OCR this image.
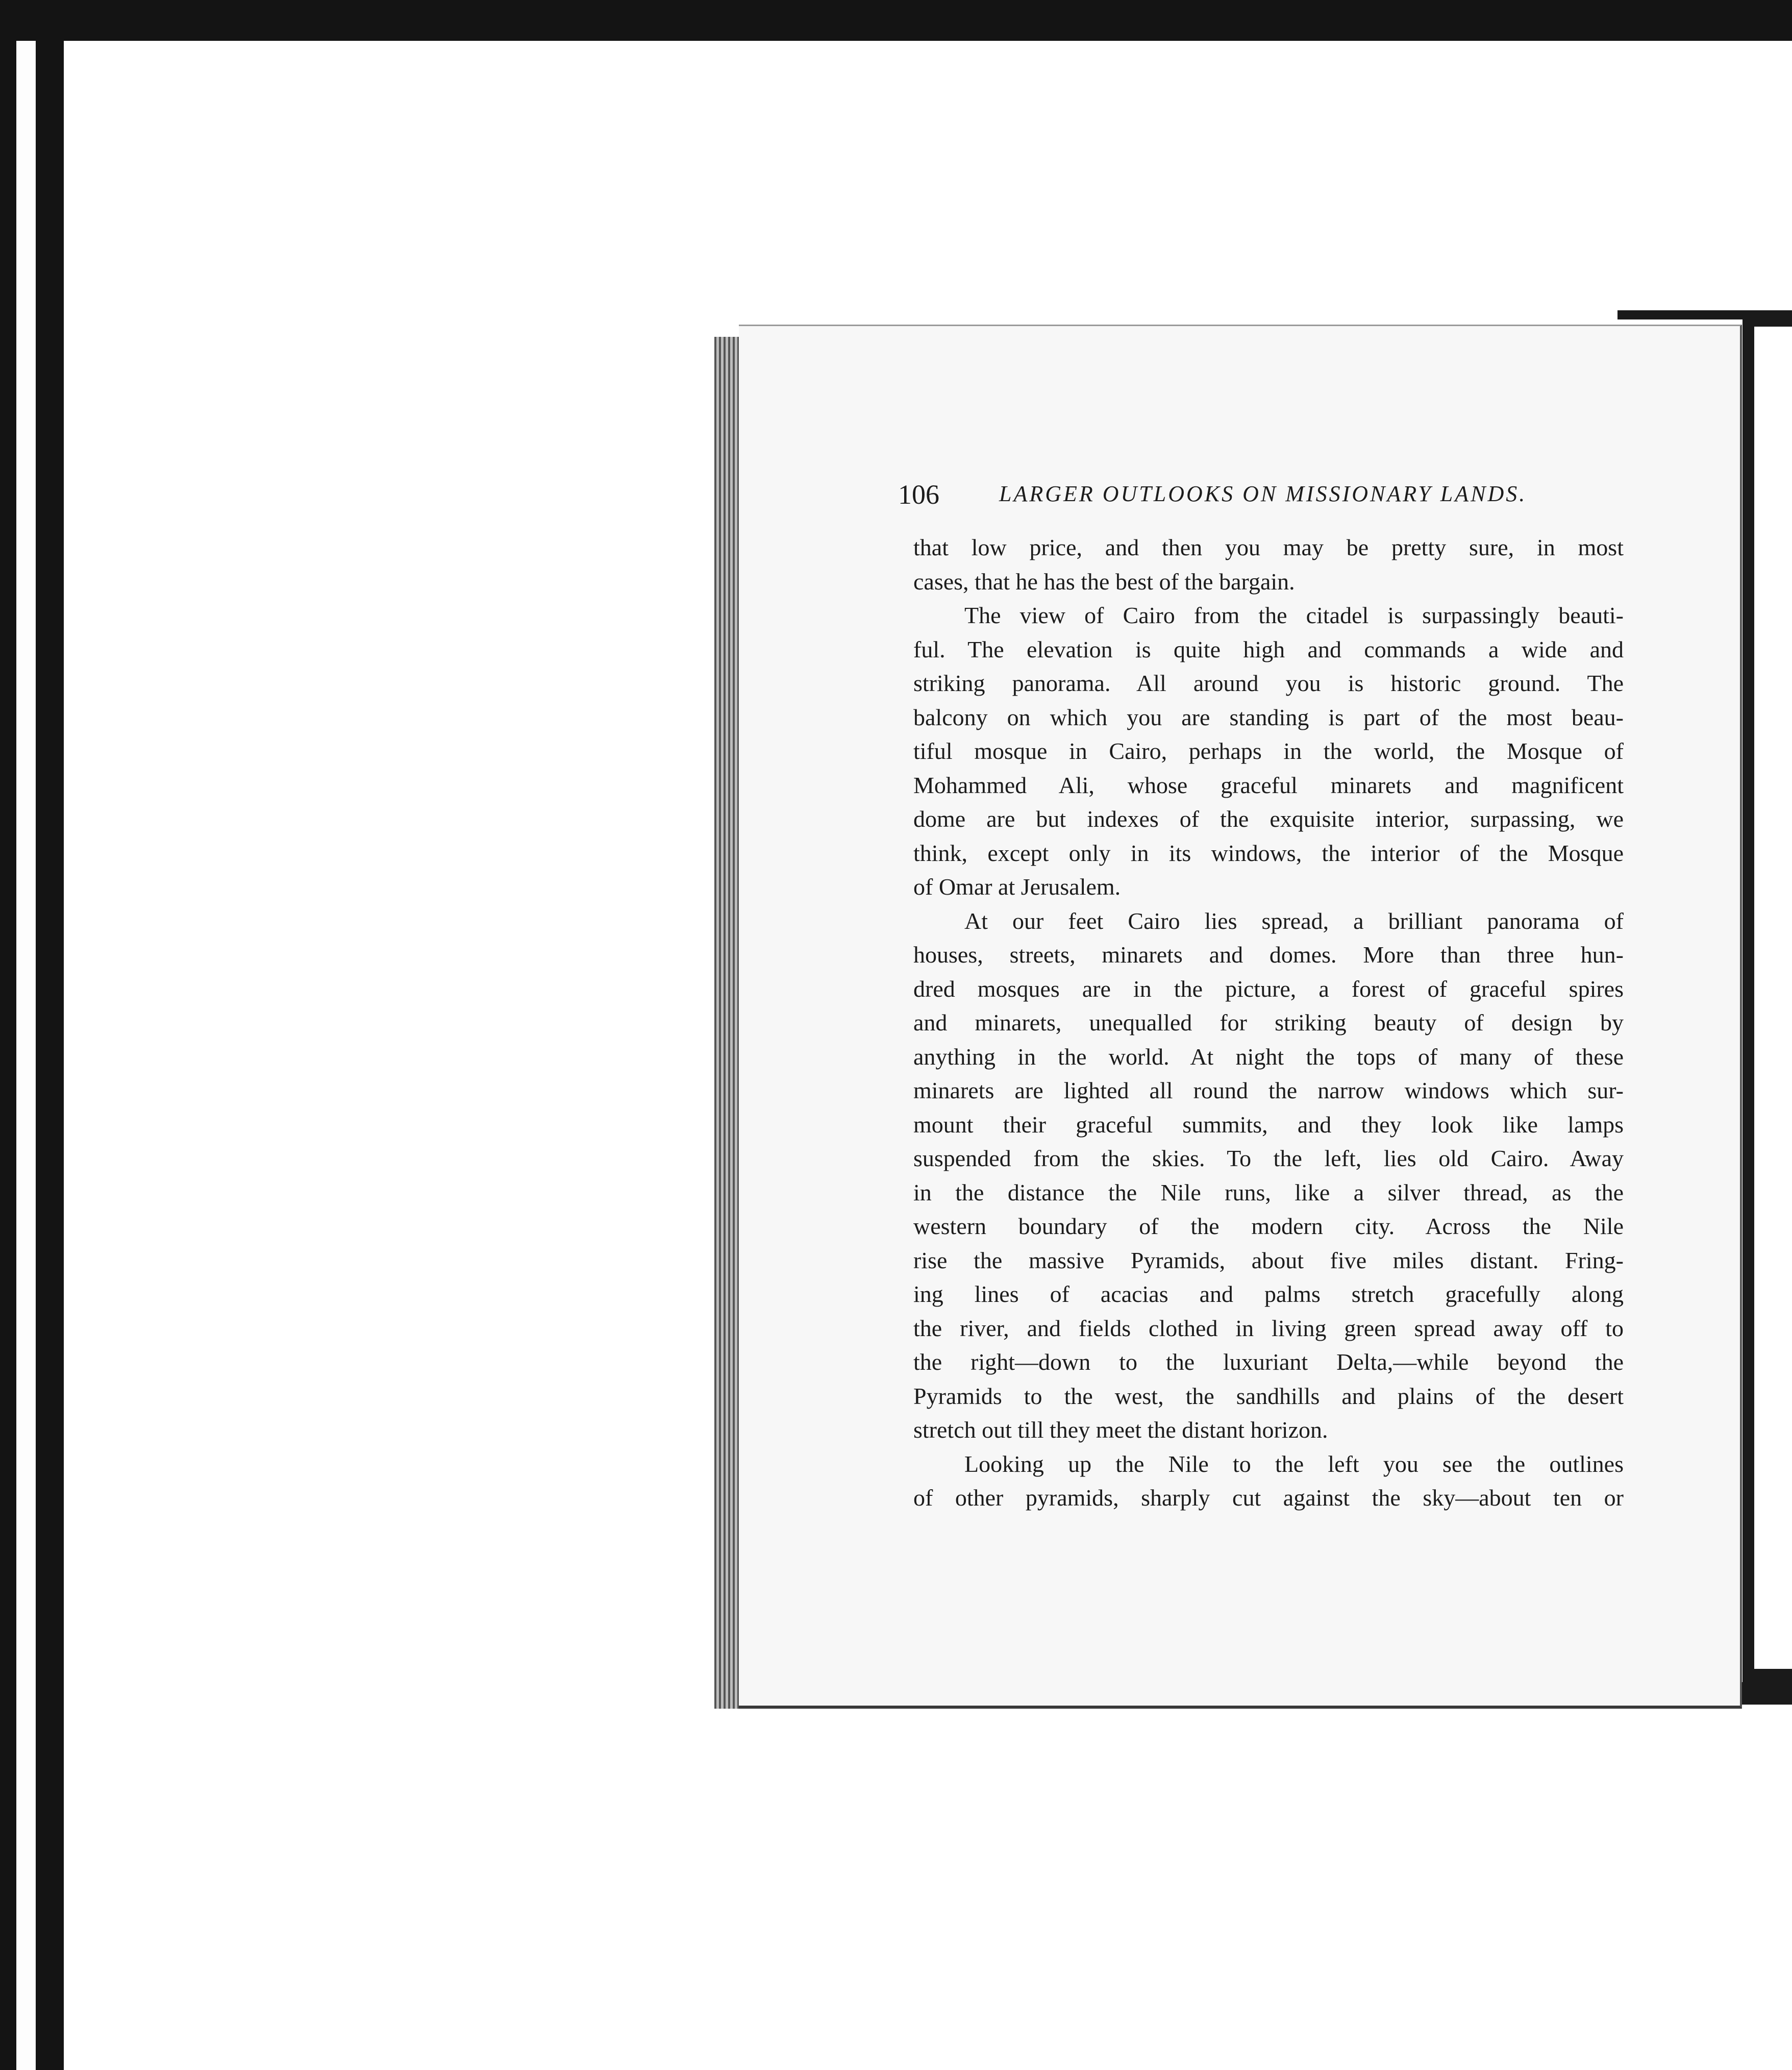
106	LARGER OUTLOOKS ON MISSIONARY LANDS.
that low price, and then you may be pretty sure, in most
cases, that he has the best of the bargain.
The view of Cairo from the citadel is surpassingly beauti-
ful. The elevation is quite high and commands a wide and
striking panorama. All around you is historic ground. The
balcony on which you are standing is part of the most beau-
tiful mosque in Cairo, perhaps in the world, the Mosque of
Mohammed Ali, whose graceful minarets and magnificent
dome are but indexes of the exquisite interior, surpassing, we
think, except only in its windows, the interior of the Mosque
of Omar at Jerusalem.
At our feet Cairo lies spread, a brilliant panorama of
houses, streets, minarets and domes. More than three hun-
dred mosques are in the picture, a forest of graceful spires
and minarets, unequalled for striking beauty of design by
anything in the world. At night the tops of many of these
minarets are lighted all round the narrow windows which sur-
mount their graceful summits, and they look like lamps
suspended from the skies. To the left, lies old Cairo. Away
in the distance the Nile runs, like a silver thread, as the
western boundary of the modern city. Across the Nile
rise the massive Pyramids, about five miles distant. Fring-
ing lines of acacias and palms stretch gracefully along
the river, and fields clothed in living green spread away off to
the right—down to the luxuriant Delta,—while beyond the
Pyramids to the west, the sandhills and plains of the desert
stretch out till they meet the distant horizon.
Looking up the Nile to the left you see the outlines
of other pyramids, sharply cut against the sky—about ten or
